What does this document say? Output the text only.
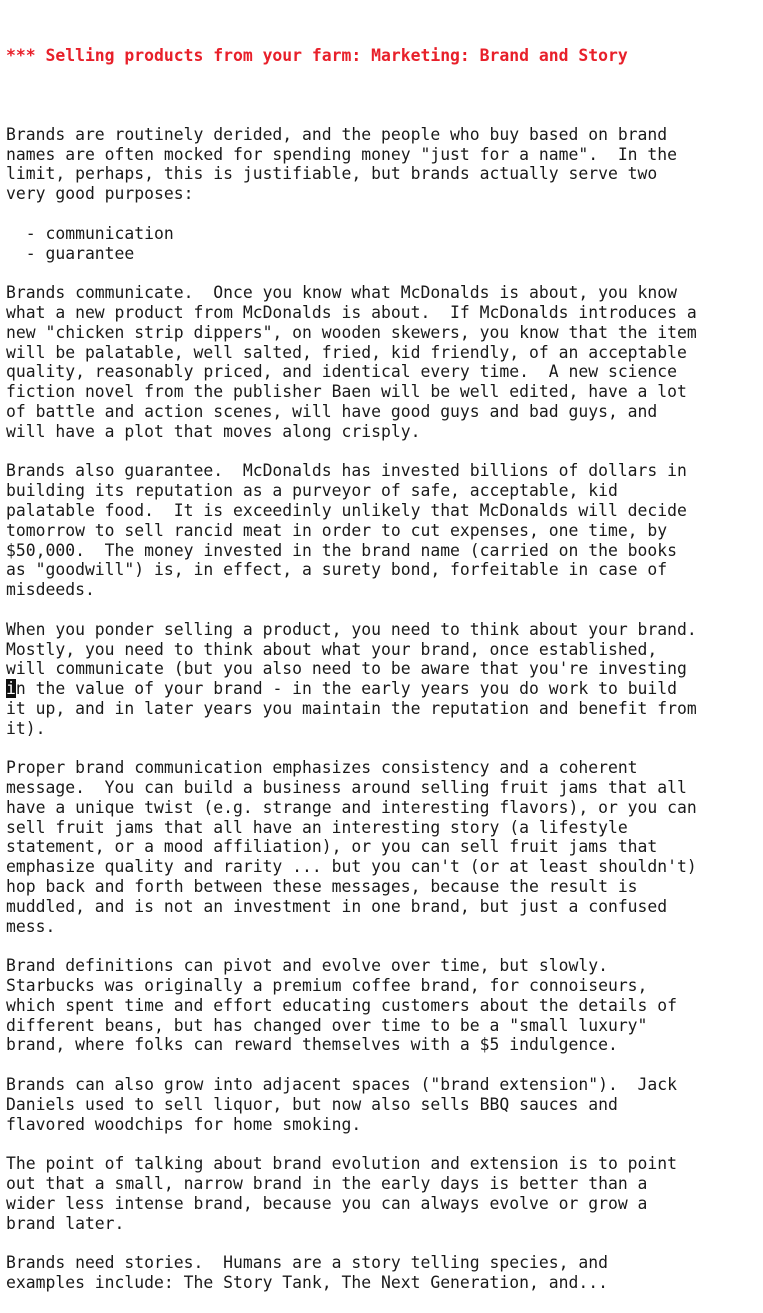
*** Selling products from your farm: Marketing: Brand and Story

Brands are routinely derided, and the people who buy based on brand
names are often mocked for spending money "just for a name".  In the
limit, perhaps, this is justifiable, but brands actually serve two
very good purposes:
- communication
- guarantee
Brands communicate.  Once you know what McDonalds is about, you know
what a new product from McDonalds is about.  If McDonalds introduces a
new "chicken strip dippers", on wooden skewers, you know that the item
will be palatable, well salted, fried, kid friendly, of an acceptable
quality, reasonably priced, and identical every time.  A new science
fiction novel from the publisher Baen will be well edited, have a lot
of battle and action scenes, will have good guys and bad guys, and
will have a plot that moves along crisply.
Brands also guarantee.  McDonalds has invested billions of dollars in
building its reputation as a purveyor of safe, acceptable, kid
palatable food.  It is exceedinly unlikely that McDonalds will decide
tomorrow to sell rancid meat in order to cut expenses, one time, by
$50,000.  The money invested in the brand name (carried on the books
as "goodwill") is, in effect, a surety bond, forfeitable in case of
misdeeds.
When you ponder selling a product, you need to think about your brand.
Mostly, you need to think about what your brand, once established,
will communicate (but you also need to be aware that you're investing
in the value of your brand - in the early years you do work to build
it up, and in later years you maintain the reputation and benefit from
it).
Proper brand communication emphasizes consistency and a coherent
message.  You can build a business around selling fruit jams that all
have a unique twist (e.g. strange and interesting flavors), or you can
sell fruit jams that all have an interesting story (a lifestyle
statement, or a mood affiliation), or you can sell fruit jams that
emphasize quality and rarity ... but you can't (or at least shouldn't)
hop back and forth between these messages, because the result is
muddled, and is not an investment in one brand, but just a confused
mess.
Brand definitions can pivot and evolve over time, but slowly.
Starbucks was originally a premium coffee brand, for connoiseurs,
which spent time and effort educating customers about the details of
different beans, but has changed over time to be a "small luxury"
brand, where folks can reward themselves with a $5 indulgence.
Brands can also grow into adjacent spaces ("brand extension").  Jack
Daniels used to sell liquor, but now also sells BBQ sauces and
flavored woodchips for home smoking.
The point of talking about brand evolution and extension is to point
out that a small, narrow brand in the early days is better than a
wider less intense brand, because you can always evolve or grow a
brand later.
Brands need stories.  Humans are a story telling species, and
examples include: The Story Tank, The Next Generation, and...
